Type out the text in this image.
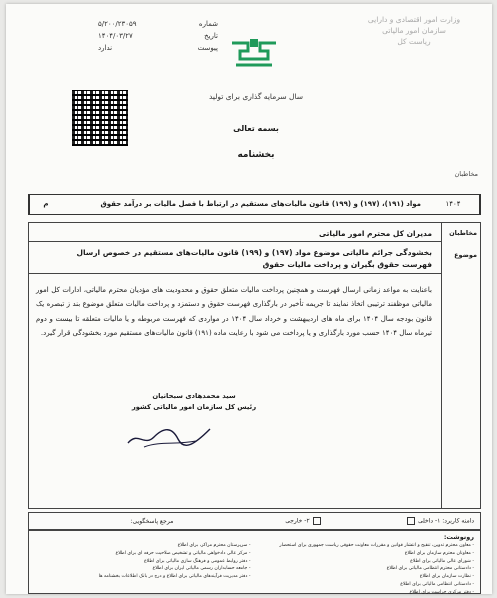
وزارت امور اقتصادی و دارایی
سازمان امور مالیاتی
ریاست کل
شماره
۵/۲۰۰/۲۳۰۵۹
تاریخ
۱۴۰۴/۰۳/۲۷
پیوست
ندارد
سال سرمایه گذاری برای تولید
بسمه تعالی
بخشنامه
مخاطبان
۱۴۰۴
مواد (۱۹۱)، (۱۹۷) و (۱۹۹) قانون مالیات‌های مستقیم در ارتباط با فصل مالیات بر درآمد حقوق
م
مخاطبان
موضوع
مدیران کل محترم امور مالیاتی
بخشودگی جرائم مالیاتی موضوع مواد (۱۹۷) و (۱۹۹) قانون مالیات‌های مستقیم در خصوص ارسال فهرست حقوق بگیران و پرداخت مالیات حقوق
باعنایت به مواعد زمانی ارسال فهرست و همچنین پرداخت مالیات متعلق حقوق و محدودیت های مؤدیان محترم مالیاتی، ادارات کل امور مالیاتی موظفند ترتیبی اتخاذ نمایند تا جریمه تأخیر در بارگذاری فهرست حقوق و دستمزد و پرداخت مالیات متعلق موضوع بند ز تبصره یک قانون بودجه سال ۱۴۰۴ برای ماه های اردیبهشت و خرداد سال ۱۴۰۴ در مواردی که فهرست مربوطه و یا مالیات متعلقه تا بیست و دوم تیرماه سال ۱۴۰۴ حسب مورد بارگذاری و یا پرداخت می شود با رعایت ماده (۱۹۱) قانون مالیات‌های مستقیم مورد بخشودگی قرار گیرد.
سید محمدهادی سبحانیان
رئیس کل سازمان امور مالیاتی کشور
دامنه کاربرد: ۱- داخلی
۲- خارجی
مرجع پاسخگویی:
رونوشت:
- معاون محترم تدوین، تنقیح و انتشار قوانین و مقررات معاونت حقوقی ریاست جمهوری برای استحضار
- معاونان محترم سازمان برای اطلاع
- شورای عالی مالیاتی برای اطلاع
- دادستانی محترم انتظامی مالیاتی برای اطلاع
- نظارت سازمان برای اطلاع
- دادستانی انتظامی مالیاتی برای اطلاع
- دفتر مرکزی حراست برای اطلاع
- سرپرستان محترم مراکز، برای اطلاع
- مرکز عالی دادخواهی مالیاتی و تشخیص صلاحیت حرفه ای برای اطلاع
- دفتر روابط عمومی و فرهنگ سازی مالیاتی برای اطلاع
- جامعه حسابداران رسمی مالیاتی ایران برای اطلاع
- دفتر مدیریت فرآیندهای مالیاتی برای اطلاع و درج در بانک اطلاعات بخشنامه ها
